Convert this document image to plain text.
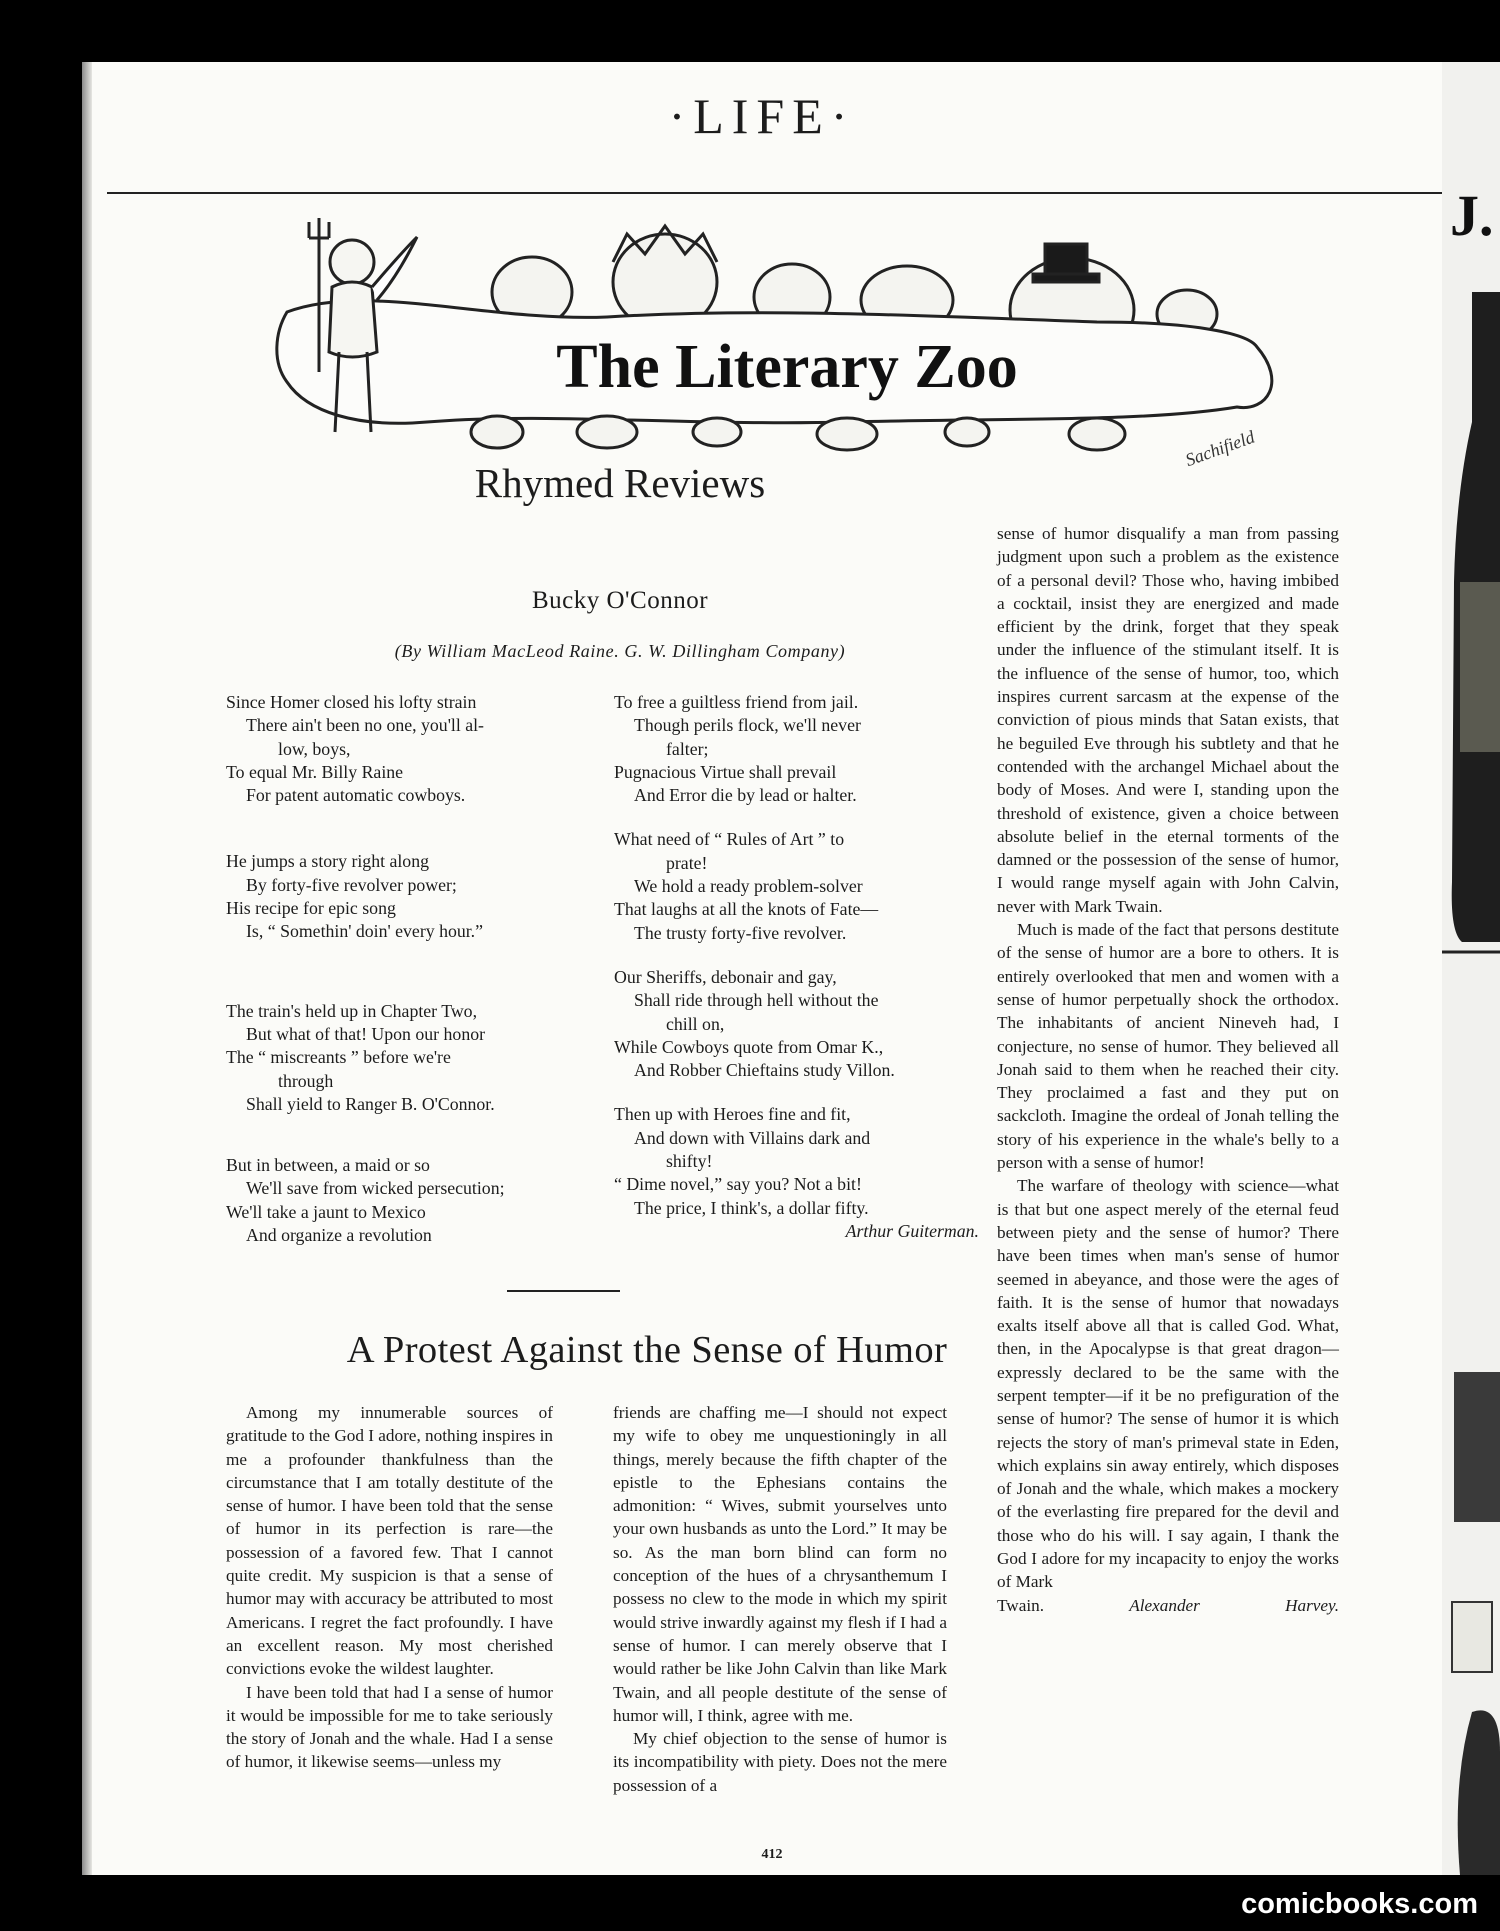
·LIFE·
The Literary Zoo
Sachifield
Rhymed Reviews
Bucky O'Connor
(By William MacLeod Raine. G. W. Dillingham Company)

Since Homer closed his lofty strain

There ain't been no one, you'll al-

low, boys,

To equal Mr. Billy Raine

For patent automatic cowboys.

He jumps a story right along

By forty-five revolver power;

His recipe for epic song

Is, “ Somethin' doin' every hour.”

The train's held up in Chapter Two,

But what of that! Upon our honor

The “ miscreants ” before we're

through

Shall yield to Ranger B. O'Connor.

But in between, a maid or so

We'll save from wicked persecution;

We'll take a jaunt to Mexico

And organize a revolution

To free a guiltless friend from jail.

Though perils flock, we'll never

falter;

Pugnacious Virtue shall prevail

And Error die by lead or halter.

What need of “ Rules of Art ” to

prate!

We hold a ready problem-solver

That laughs at all the knots of Fate—

The trusty forty-five revolver.

Our Sheriffs, debonair and gay,

Shall ride through hell without the

chill on,

While Cowboys quote from Omar K.,

And Robber Chieftains study Villon.

Then up with Heroes fine and fit,

And down with Villains dark and

shifty!

“ Dime novel,” say you? Not a bit!

The price, I think's, a dollar fifty.

Arthur Guiterman.

A Protest Against the Sense of Humor

Among my innumerable sources of gratitude to the God I adore, nothing inspires in me a profounder thankfulness than the circumstance that I am totally destitute of the sense of humor. I have been told that the sense of humor in its perfection is rare—the possession of a favored few. That I cannot quite credit. My suspicion is that a sense of humor may with accuracy be attributed to most Americans. I regret the fact profoundly. I have an excellent reason. My most cherished convictions evoke the wildest laughter.

I have been told that had I a sense of humor it would be impossible for me to take seriously the story of Jonah and the whale. Had I a sense of humor, it likewise seems—unless my

friends are chaffing me—I should not expect my wife to obey me unquestioningly in all things, merely because the fifth chapter of the epistle to the Ephesians contains the admonition: “ Wives, submit yourselves unto your own husbands as unto the Lord.” It may be so. As the man born blind can form no conception of the hues of a chrysanthemum I possess no clew to the mode in which my spirit would strive inwardly against my flesh if I had a sense of humor. I can merely observe that I would rather be like John Calvin than like Mark Twain, and all people destitute of the sense of humor will, I think, agree with me.

My chief objection to the sense of humor is its incompatibility with piety. Does not the mere possession of a

sense of humor disqualify a man from passing judgment upon such a problem as the existence of a personal devil? Those who, having imbibed a cocktail, insist they are energized and made efficient by the drink, forget that they speak under the influence of the stimulant itself. It is the influence of the sense of humor, too, which inspires current sarcasm at the expense of the conviction of pious minds that Satan exists, that he beguiled Eve through his subtlety and that he contended with the archangel Michael about the body of Moses. And were I, standing upon the threshold of existence, given a choice between absolute belief in the eternal torments of the damned or the possession of the sense of humor, I would range myself again with John Calvin, never with Mark Twain.

Much is made of the fact that persons destitute of the sense of humor are a bore to others. It is entirely overlooked that men and women with a sense of humor perpetually shock the orthodox. The inhabitants of ancient Nineveh had, I conjecture, no sense of humor. They believed all Jonah said to them when he reached their city. They proclaimed a fast and they put on sackcloth. Imagine the ordeal of Jonah telling the story of his experience in the whale's belly to a person with a sense of humor!

The warfare of theology with science—what is that but one aspect merely of the eternal feud between piety and the sense of humor? There have been times when man's sense of humor seemed in abeyance, and those were the ages of faith. It is the sense of humor that nowadays exalts itself above all that is called God. What, then, in the Apocalypse is that great dragon—expressly declared to be the same with the serpent tempter—if it be no prefiguration of the sense of humor? The sense of humor it is which rejects the story of man's primeval state in Eden, which explains sin away entirely, which disposes of Jonah and the whale, which makes a mockery of the everlasting fire prepared for the devil and those who do his will. I say again, I thank the God I adore for my incapacity to enjoy the works of Mark

Twain.	Alexander Harvey.

412
J.
comicbooks.com
